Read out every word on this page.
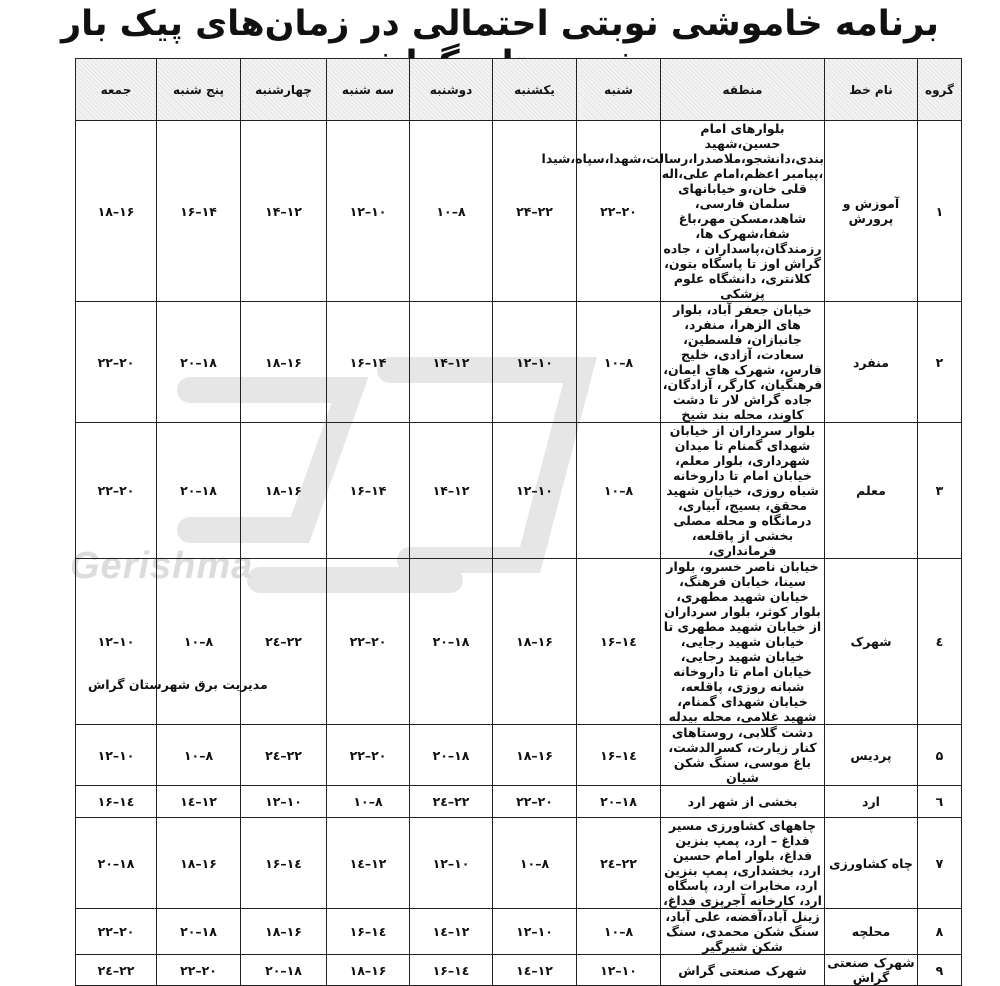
Gerishma
برنامه خاموشی نوبتی احتمالی در زمان‌های پیک بار
گروه	نام خط	منطقه	شنبه	یکشنبه	دوشنبه	سه شنبه	چهارشنبه	پنج شنبه	جمعه
۱	آموزش و پرورش	بلوارهای امام حسین،شهید بندی،دانشجو،ملاصدرا،رسالت،شهدا،سپاه،شیدا ،پیامبر اعظم،امام علی،اله قلی خان،و خیابانهای سلمان فارسی، شاهد،مسکن مهر،باغ شفا،شهرک ها، رزمندگان،پاسداران ، جاده گراش اوز تا پاسگاه بتون، کلانتری، دانشگاه علوم پزشکی	۲۰–۲۲	۲۲–۲۴	۸–۱۰	۱۰–۱۲	۱۲–۱۴	۱۴–۱۶	۱۶–۱۸
۲	منفرد	خیابان جعفر آباد، بلوار های الزهرا، منفرد، جانبازان، فلسطین، سعادت، آزادی، خلیج فارس، شهرک های ایمان، فرهنگیان، کارگر، آزادگان، جاده گراش لار تا دشت کاوند، محله بند شیخ	۸–۱۰	۱۰–۱۲	۱۲–۱۴	۱۴–۱۶	۱۶–۱۸	۱۸–۲۰	۲۰–۲۲
۳	معلم	بلوار سرداران از خیابان شهدای گمنام تا میدان شهرداری، بلوار معلم، خیابان امام تا داروخانه شباه روزی، خیابان شهید محقق، بسیج، آبیاری، درمانگاه و محله مصلی بخشی از پاقلعه، فرمانداری،	۸–۱۰	۱۰–۱۲	۱۲–۱۴	۱۴–۱۶	۱۶–۱۸	۱۸–۲۰	۲۰–۲۲
٤	شهرک	خیابان ناصر خسرو، بلوار سینا، خیابان فرهنگ، خیابان شهید مطهری، بلوار کوثر، بلوار سرداران از خیابان شهید مطهری تا خیابان شهید رجایی، خیابان شهید رجایی، خیابان امام تا داروخانه شبانه روزی، پاقلعه، خیابان شهدای گمنام، شهید غلامی، محله بیدله	۱٤–۱۶	۱۶–۱۸	۱۸–۲۰	۲۰–۲۲	۲۲–۲٤	۸–۱۰	۱۰–۱۲
۵	پردیس	دشت گلابی، روستاهای کنار زیارت، کسرالدشت، باغ موسی، سنگ شکن شیان	۱٤–۱۶	۱۶–۱۸	۱۸–۲۰	۲۰–۲۲	۲۲–۲٤	۸–۱۰	۱۰–۱۲
٦	ارد	بخشی از شهر ارد	۱۸–۲۰	۲۰–۲۲	۲۲–۲٤	۸–۱۰	۱۰–۱۲	۱۲–۱٤	۱٤–۱۶
۷	چاه کشاورزی	چاههای کشاورزی مسیر فداغ – ارد، پمپ بنزین فداغ، بلوار امام حسین ارد، بخشداری، پمپ بنزین ارد، مخابرات ارد، پاسگاه ارد، کارخانه آجرپزی فداغ،	۲۲–۲٤	۸–۱۰	۱۰–۱۲	۱۲–۱٤	۱٤–۱۶	۱۶–۱۸	۱۸–۲۰
۸	محلچه	زینل آباد،آفضه، علی آباد، سنگ شکن محمدی، سنگ شکن شیرگیر	۸–۱۰	۱۰–۱۲	۱۲–۱٤	۱٤–۱۶	۱۶–۱۸	۱۸–۲۰	۲۰–۲۲
۹	شهرک صنعتی گراش	شهرک صنعتی گراش	۱۰–۱۲	۱۲–۱٤	۱٤–۱۶	۱۶–۱۸	۱۸–۲۰	۲۰–۲۲	۲۲–۲٤
مدیریت برق شهرستان گراش
